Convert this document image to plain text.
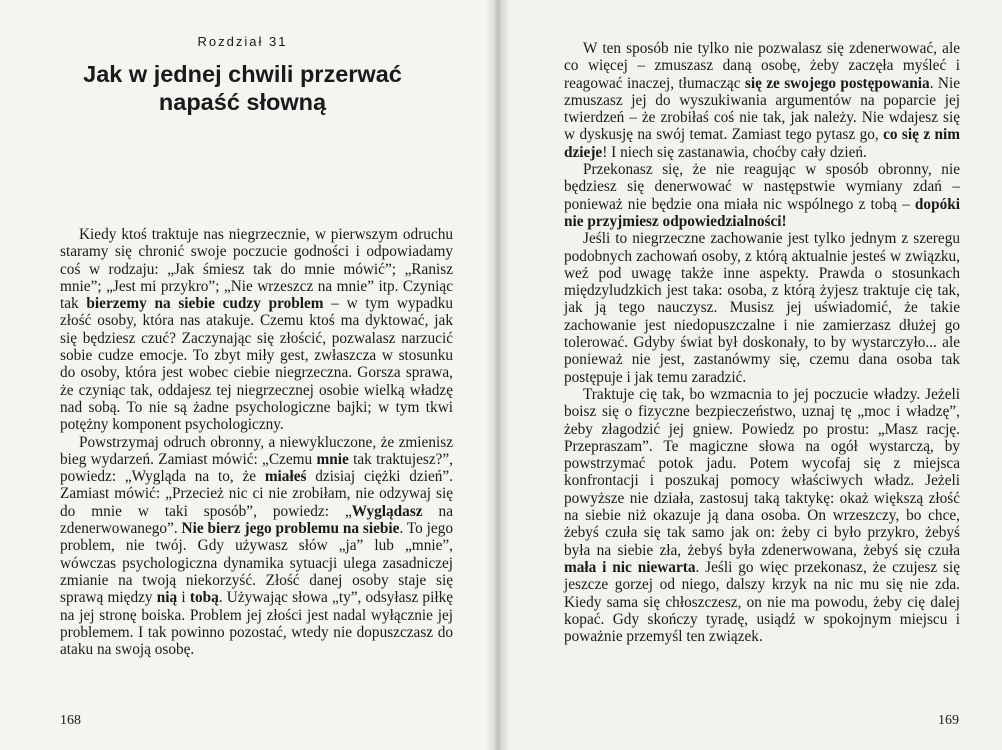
Rozdział 31
Jak w jednej chwili przerwać napaść słowną

Kiedy ktoś traktuje nas niegrzecznie, w pierwszym odruchu staramy się chronić swoje poczucie godności i odpowiadamy coś w rodzaju: „Jak śmiesz tak do mnie mówić”; „Ranisz mnie”; „Jest mi przykro”; „Nie wrzeszcz na mnie” itp. Czyniąc tak bierzemy na siebie cudzy problem – w tym wypadku złość osoby, która nas atakuje. Czemu ktoś ma dyktować, jak się będziesz czuć? Zaczynając się złościć, pozwalasz narzucić sobie cudze emocje. To zbyt miły gest, zwłaszcza w stosunku do osoby, która jest wobec ciebie niegrzeczna. Gorsza sprawa, że czyniąc tak, oddajesz tej niegrzecznej osobie wielką władzę nad sobą. To nie są żadne psychologiczne bajki; w tym tkwi potężny komponent psychologiczny.

Powstrzymaj odruch obronny, a niewykluczone, że zmienisz bieg wydarzeń. Zamiast mówić: „Czemu mnie tak traktujesz?”, powiedz: „Wygląda na to, że miałeś dzisiaj ciężki dzień”. Zamiast mówić: „Przecież nic ci nie zrobiłam, nie odzywaj się do mnie w taki sposób”, powiedz: „Wyglądasz na zdenerwowanego”. Nie bierz jego problemu na siebie. To jego problem, nie twój. Gdy używasz słów „ja” lub „mnie”, wówczas psychologiczna dynamika sytuacji ulega zasadniczej zmianie na twoją niekorzyść. Złość danej osoby staje się sprawą między nią i tobą. Używając słowa „ty”, odsyłasz piłkę na jej stronę boiska. Problem jej złości jest nadal wyłącznie jej problemem. I tak powinno pozostać, wtedy nie dopuszczasz do ataku na swoją osobę.

168

W ten sposób nie tylko nie pozwalasz się zdenerwować, ale co więcej – zmuszasz daną osobę, żeby zaczęła myśleć i reagować inaczej, tłumacząc się ze swojego postępowania. Nie zmuszasz jej do wyszukiwania argumentów na poparcie jej twierdzeń – że zrobiłaś coś nie tak, jak należy. Nie wdajesz się w dyskusję na swój temat. Zamiast tego pytasz go, co się z nim dzieje! I niech się zastanawia, choćby cały dzień.

Przekonasz się, że nie reagując w sposób obronny, nie będziesz się denerwować w następstwie wymiany zdań – ponieważ nie będzie ona miała nic wspólnego z tobą – dopóki nie przyjmiesz odpowiedzialności!

Jeśli to niegrzeczne zachowanie jest tylko jednym z szeregu podobnych zachowań osoby, z którą aktualnie jesteś w związku, weź pod uwagę także inne aspekty. Prawda o stosunkach międzyludzkich jest taka: osoba, z którą żyjesz traktuje cię tak, jak ją tego nauczysz. Musisz jej uświadomić, że takie zachowanie jest niedopuszczalne i nie zamierzasz dłużej go tolerować. Gdyby świat był doskonały, to by wystarczyło... ale ponieważ nie jest, zastanówmy się, czemu dana osoba tak postępuje i jak temu zaradzić.

Traktuje cię tak, bo wzmacnia to jej poczucie władzy. Jeżeli boisz się o fizyczne bezpieczeństwo, uznaj tę „moc i władzę”, żeby złagodzić jej gniew. Powiedz po prostu: „Masz rację. Przepraszam”. Te magiczne słowa na ogół wystarczą, by powstrzymać potok jadu. Potem wycofaj się z miejsca konfrontacji i poszukaj pomocy właściwych władz. Jeżeli powyższe nie działa, zastosuj taką taktykę: okaż większą złość na siebie niż okazuje ją dana osoba. On wrzeszczy, bo chce, żebyś czuła się tak samo jak on: żeby ci było przykro, żebyś była na siebie zła, żebyś była zdenerwowana, żebyś się czuła mała i nic niewarta. Jeśli go więc przekonasz, że czujesz się jeszcze gorzej od niego, dalszy krzyk na nic mu się nie zda. Kiedy sama się chłoszczesz, on nie ma powodu, żeby cię dalej kopać. Gdy skończy tyradę, usiądź w spokojnym miejscu i poważnie przemyśl ten związek.

169
